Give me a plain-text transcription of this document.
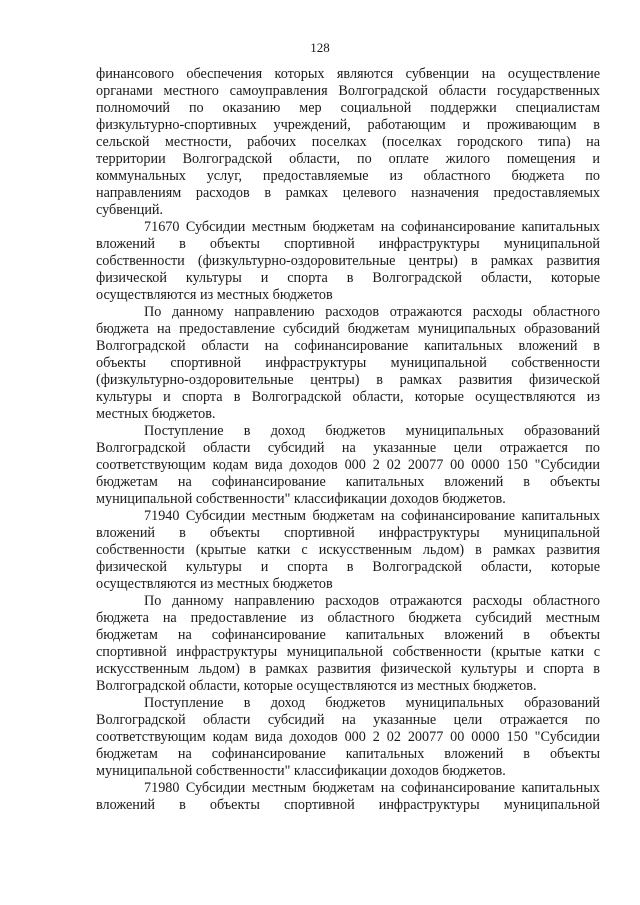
128
финансового обеспечения которых являются субвенции на осуществление
органами местного самоуправления Волгоградской области государственных
полномочий по оказанию мер социальной поддержки специалистам
физкультурно-спортивных учреждений, работающим и проживающим в
сельской местности, рабочих поселках (поселках городского типа) на
территории Волгоградской области, по оплате жилого помещения и
коммунальных услуг, предоставляемые из областного бюджета по
направлениям расходов в рамках целевого назначения предоставляемых
субвенций.
71670 Субсидии местным бюджетам на софинансирование капитальных
вложений в объекты спортивной инфраструктуры муниципальной
собственности (физкультурно-оздоровительные центры) в рамках развития
физической культуры и спорта в Волгоградской области, которые
осуществляются из местных бюджетов
По данному направлению расходов отражаются расходы областного
бюджета на предоставление субсидий бюджетам муниципальных образований
Волгоградской области на софинансирование капитальных вложений в
объекты спортивной инфраструктуры муниципальной собственности
(физкультурно-оздоровительные центры) в рамках развития физической
культуры и спорта в Волгоградской области, которые осуществляются из
местных бюджетов.
Поступление в доход бюджетов муниципальных образований
Волгоградской области субсидий на указанные цели отражается по
соответствующим кодам вида доходов 000 2 02 20077 00 0000 150 "Субсидии
бюджетам на софинансирование капитальных вложений в объекты
муниципальной собственности" классификации доходов бюджетов.
71940 Субсидии местным бюджетам на софинансирование капитальных
вложений в объекты спортивной инфраструктуры муниципальной
собственности (крытые катки с искусственным льдом) в рамках развития
физической культуры и спорта в Волгоградской области, которые
осуществляются из местных бюджетов
По данному направлению расходов отражаются расходы областного
бюджета на предоставление из областного бюджета субсидий местным
бюджетам на софинансирование капитальных вложений в объекты
спортивной инфраструктуры муниципальной собственности (крытые катки с
искусственным льдом) в рамках развития физической культуры и спорта в
Волгоградской области, которые осуществляются из местных бюджетов.
Поступление в доход бюджетов муниципальных образований
Волгоградской области субсидий на указанные цели отражается по
соответствующим кодам вида доходов 000 2 02 20077 00 0000 150 "Субсидии
бюджетам на софинансирование капитальных вложений в объекты
муниципальной собственности" классификации доходов бюджетов.
71980 Субсидии местным бюджетам на софинансирование капитальных
вложений в объекты спортивной инфраструктуры муниципальной
